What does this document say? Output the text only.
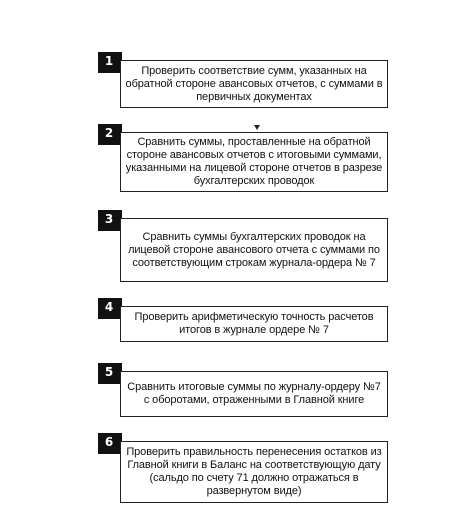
1
Проверить соответствие сумм, указанных на обратной стороне авансовых отчетов, с суммами в первичных документах
2
Сравнить суммы, проставленные на обратной стороне авансовых отчетов с итоговыми суммами, указанными на лицевой стороне отчетов в разрезе бухгалтерских проводок
3
Сравнить суммы бухгалтерских проводок на лицевой стороне авансового отчета с суммами по соответствующим строкам журнала-ордера № 7
4
Проверить арифметическую точность расчетов итогов в журнале ордере № 7
5
Сравнить итоговые суммы по журналу-ордеру №7 с оборотами, отраженными в Главной книге
6
Проверить правильность перенесения остатков из Главной книги в Баланс на соответствующую дату (сальдо по счету 71 должно отражаться в развернутом виде)
